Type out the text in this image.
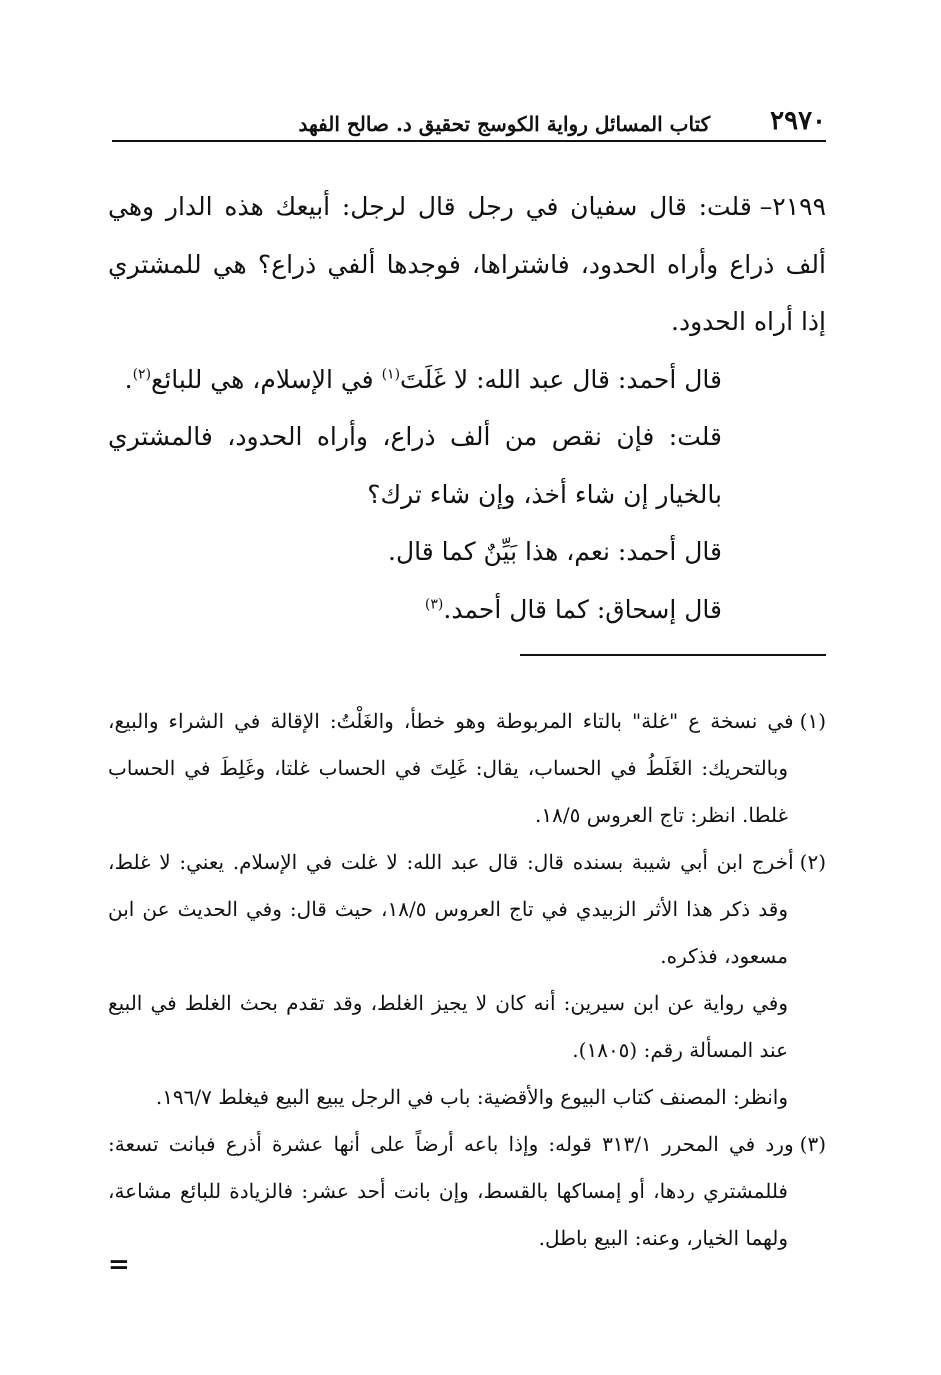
٢٩٧٠
كتاب المسائل رواية الكوسج تحقيق د. صالح الفهد

٢١٩٩–قلت: قال سفيان في رجل قال لرجل: أبيعك هذه الدار وهي ألف ذراع وأراه الحدود، فاشتراها، فوجدها ألفي ذراع؟ هي للمشتري إذا أراه الحدود.

قال أحمد: قال عبد الله: لا غَلَتَ$^{(١)}$ في الإسلام، هي للبائع$^{(٢)}$.

قلت: فإن نقص من ألف ذراع، وأراه الحدود، فالمشتري بالخيار إن شاء أخذ، وإن شاء ترك؟

قال أحمد: نعم، هذا بَيِّنٌ كما قال.

قال إسحاق: كما قال أحمد.$^{(٣)}$

(١)في نسخة ع "غلة" بالتاء المربوطة وهو خطأ، والغَلْتُ: الإقالة في الشراء والبيع، وبالتحريك: الغَلَطُ في الحساب، يقال: غَلِتَ في الحساب غلتا، وغَلِطَ في الحساب غلطا. انظر: تاج العروس ١٨/٥.

(٢)أخرج ابن أبي شيبة بسنده قال: قال عبد الله: لا غلت في الإسلام. يعني: لا غلط، وقد ذكر هذا الأثر الزبيدي في تاج العروس ١٨/٥، حيث قال: وفي الحديث عن ابن مسعود، فذكره.

وفي رواية عن ابن سيرين: أنه كان لا يجيز الغلط، وقد تقدم بحث الغلط في البيع عند المسألة رقم: (١٨٠٥).

وانظر: المصنف كتاب البيوع والأقضية: باب في الرجل يبيع البيع فيغلط ١٩٦/٧.

(٣)ورد في المحرر ٣١٣/١ قوله: وإذا باعه أرضاً على أنها عشرة أذرع فبانت تسعة: فللمشتري ردها، أو إمساكها بالقسط، وإن بانت أحد عشر: فالزيادة للبائع مشاعة، ولهما الخيار، وعنه: البيع باطل.

=
